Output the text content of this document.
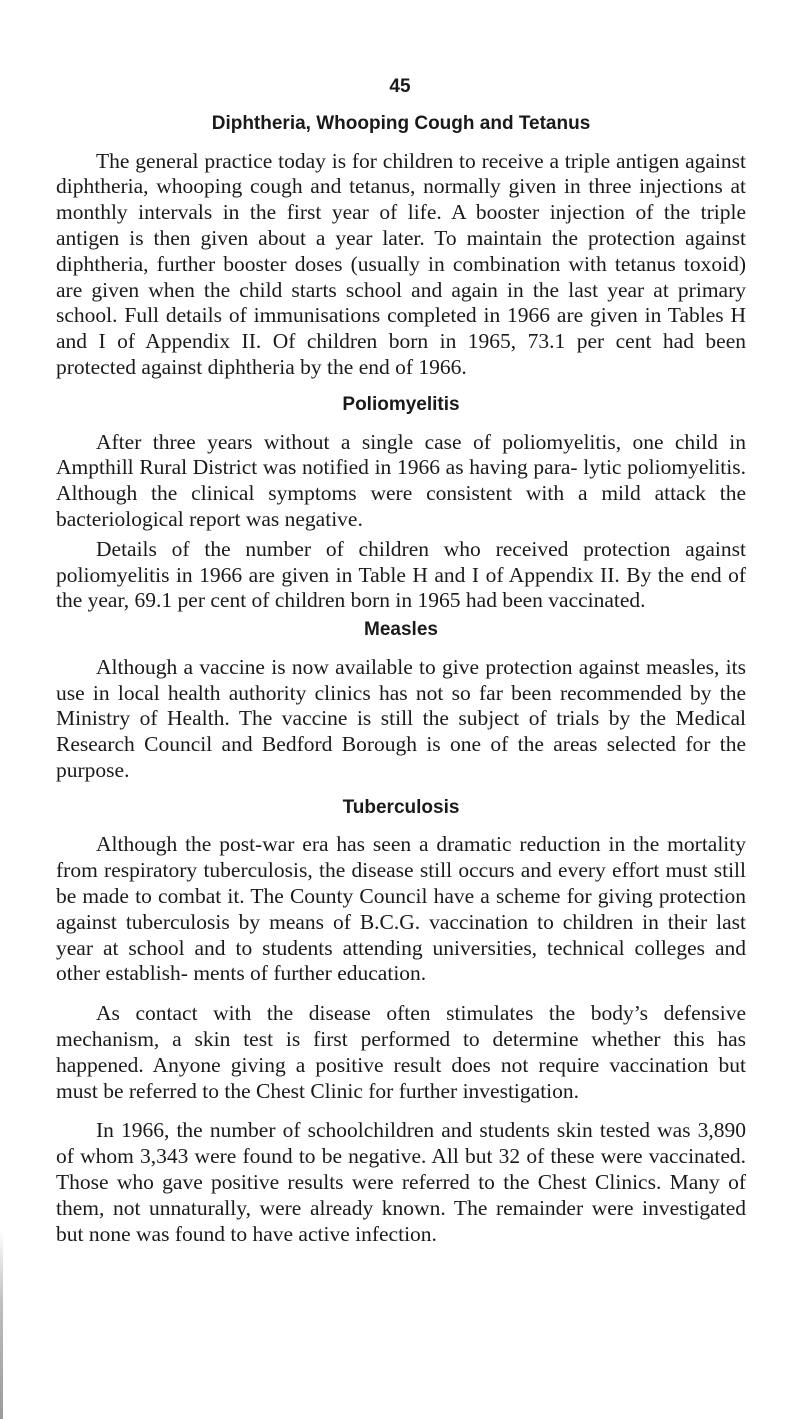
45
Diphtheria, Whooping Cough and Tetanus

The general practice today is for children to receive a triple antigen against diphtheria, whooping cough and tetanus, normally given in three injections at monthly intervals in the first year of life. A booster injection of the triple antigen is then given about a year later. To maintain the protection against diphtheria, further booster doses (usually in combination with tetanus toxoid) are given when the child starts school and again in the last year at primary school. Full details of immunisations completed in 1966 are given in Tables H and I of Appendix II. Of children born in 1965, 73.1 per cent had been protected against diphtheria by the end of 1966.

Poliomyelitis

After three years without a single case of poliomyelitis, one child in Ampthill Rural District was notified in 1966 as having para- lytic poliomyelitis. Although the clinical symptoms were consistent with a mild attack the bacteriological report was negative.

Details of the number of children who received protection against poliomyelitis in 1966 are given in Table H and I of Appendix II. By the end of the year, 69.1 per cent of children born in 1965 had been vaccinated.

Measles

Although a vaccine is now available to give protection against measles, its use in local health authority clinics has not so far been recommended by the Ministry of Health. The vaccine is still the subject of trials by the Medical Research Council and Bedford Borough is one of the areas selected for the purpose.

Tuberculosis

Although the post-war era has seen a dramatic reduction in the mortality from respiratory tuberculosis, the disease still occurs and every effort must still be made to combat it. The County Council have a scheme for giving protection against tuberculosis by means of B.C.G. vaccination to children in their last year at school and to students attending universities, technical colleges and other establish- ments of further education.

As contact with the disease often stimulates the body’s defensive mechanism, a skin test is first performed to determine whether this has happened. Anyone giving a positive result does not require vaccination but must be referred to the Chest Clinic for further investigation.

In 1966, the number of schoolchildren and students skin tested was 3,890 of whom 3,343 were found to be negative. All but 32 of these were vaccinated. Those who gave positive results were referred to the Chest Clinics. Many of them, not unnaturally, were already known. The remainder were investigated but none was found to have active infection.
